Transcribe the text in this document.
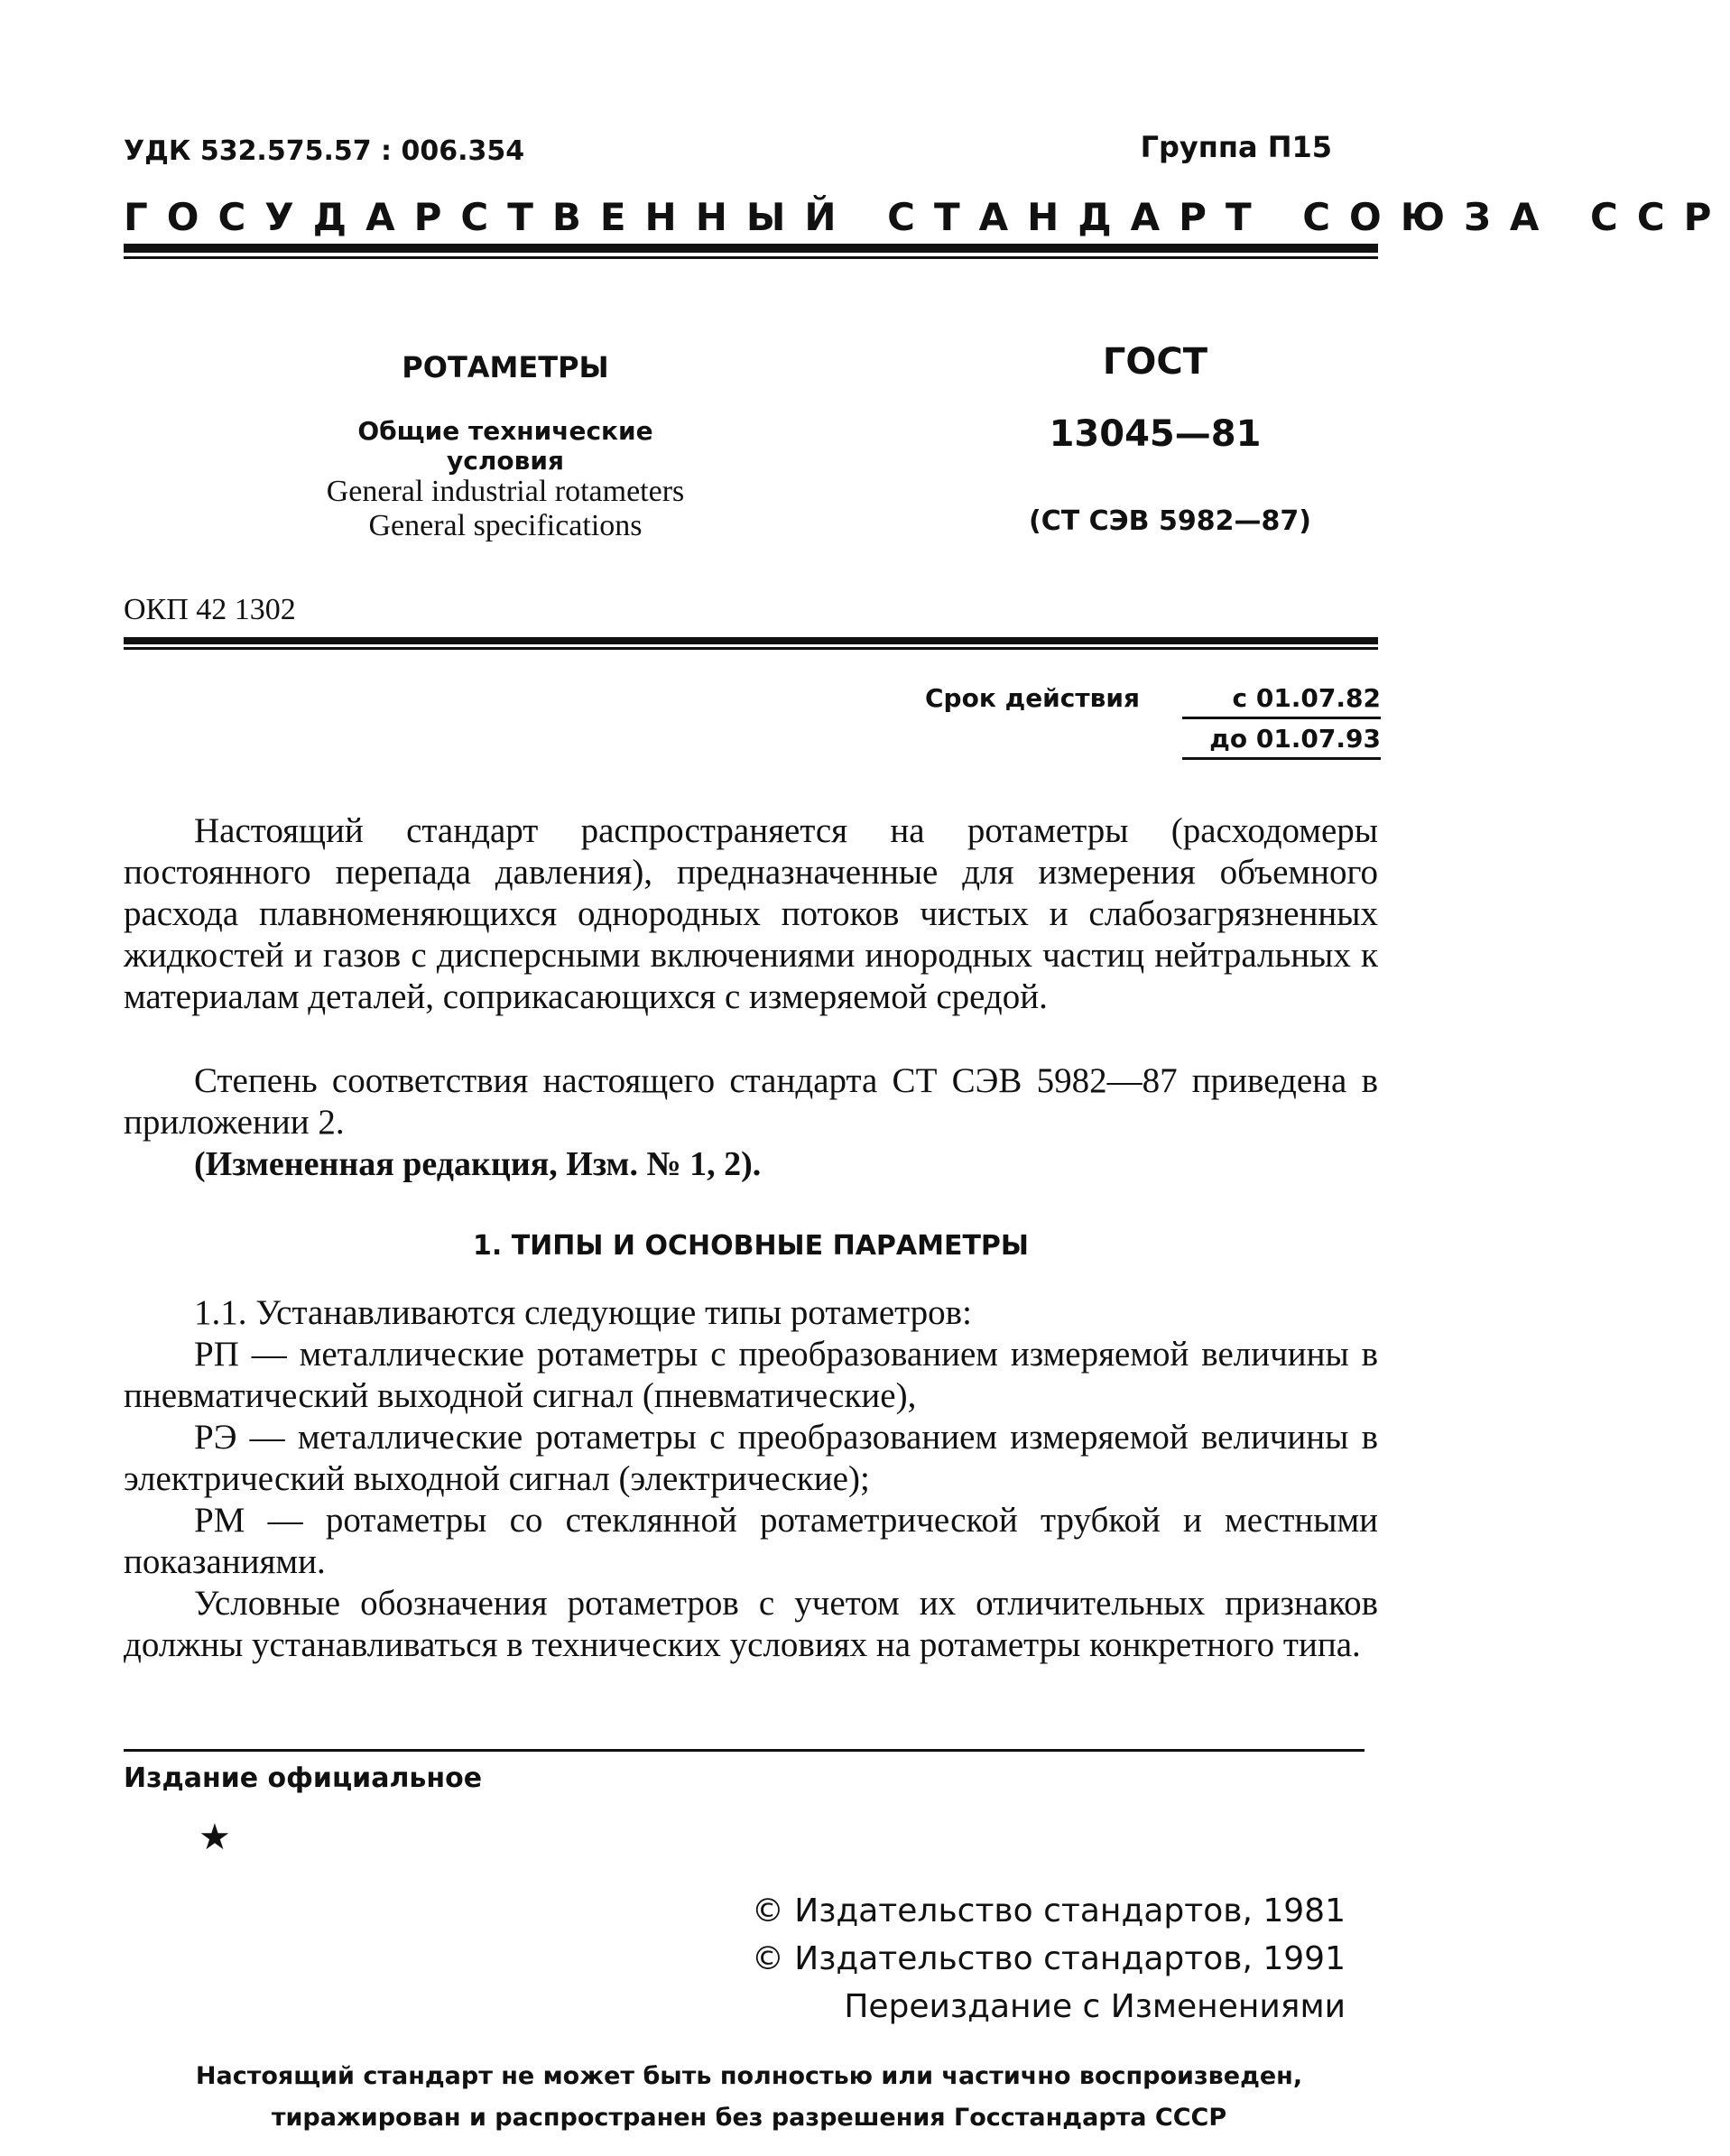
УДК 532.575.57 : 006.354	Группа П15
ГОСУДАРСТВЕННЫЙ СТАНДАРТ СОЮЗА ССР
РОТАМЕТРЫ
Общие технические условия
General industrial rotameters
General specifications
ГОСТ
13045—81
(СТ СЭВ 5982—87)
ОКП 42 1302
Срок действия	с 01.07.82
до 01.07.93
Настоящий стандарт распространяется на ротаметры (расходомеры постоянного перепада давления), предназначенные для измерения объемного расхода плавноменяющихся однородных потоков чистых и слабозагрязненных жидкостей и газов с дисперсными включениями инородных частиц нейтральных к материалам деталей, соприкасающихся с измеряемой средой.
Степень соответствия настоящего стандарта СТ СЭВ 5982—87 приведена в приложении 2.
(Измененная редакция, Изм. № 1, 2).
1. ТИПЫ И ОСНОВНЫЕ ПАРАМЕТРЫ

1.1. Устанавливаются следующие типы ротаметров:

РП — металлические ротаметры с преобразованием измеряемой величины в пневматический выходной сигнал (пневматические),

РЭ — металлические ротаметры с преобразованием измеряемой величины в электрический выходной сигнал (электрические);

РМ — ротаметры со стеклянной ротаметрической трубкой и местными показаниями.

Условные обозначения ротаметров с учетом их отличительных признаков должны устанавливаться в технических условиях на ротаметры конкретного типа.

Издание официальное
★
© Издательство стандартов, 1981
© Издательство стандартов, 1991
Переиздание с Изменениями
Настоящий стандарт не может быть полностью или частично воспроизведен, тиражирован и распространен без разрешения Госстандарта СССР
